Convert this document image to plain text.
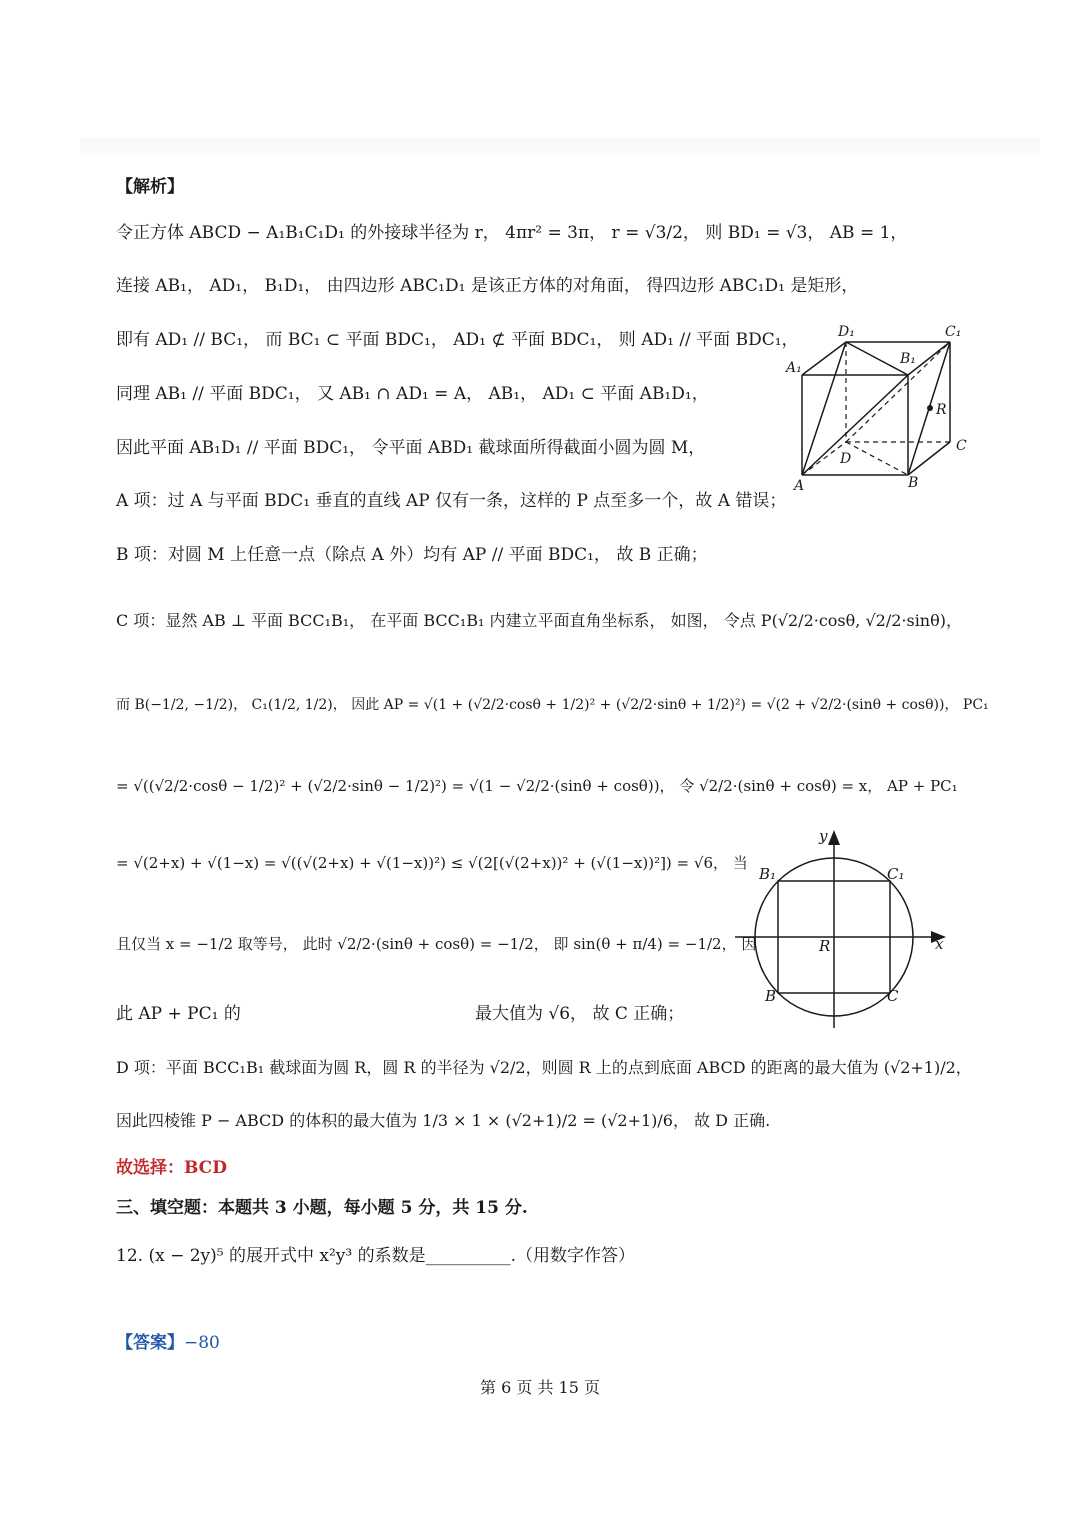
【解析】
令正方体 ABCD − A₁B₁C₁D₁ 的外接球半径为 r， 4πr² = 3π， r = √3/2， 则 BD₁ = √3， AB = 1，
连接 AB₁， AD₁， B₁D₁， 由四边形 ABC₁D₁ 是该正方体的对角面， 得四边形 ABC₁D₁ 是矩形，
即有 AD₁ // BC₁， 而 BC₁ ⊂ 平面 BDC₁， AD₁ ⊄ 平面 BDC₁， 则 AD₁ // 平面 BDC₁，
同理 AB₁ // 平面 BDC₁， 又 AB₁ ∩ AD₁ = A， AB₁， AD₁ ⊂ 平面 AB₁D₁，
因此平面 AB₁D₁ // 平面 BDC₁， 令平面 ABD₁ 截球面所得截面小圆为圆 M，
A 项：过 A 与平面 BDC₁ 垂直的直线 AP 仅有一条，这样的 P 点至多一个，故 A 错误；
B 项：对圆 M 上任意一点（除点 A 外）均有 AP // 平面 BDC₁， 故 B 正确；
C 项：显然 AB ⊥ 平面 BCC₁B₁， 在平面 BCC₁B₁ 内建立平面直角坐标系， 如图， 令点 P(√2/2·cosθ, √2/2·sinθ)，
而 B(−1/2, −1/2)， C₁(1/2, 1/2)， 因此 AP = √(1 + (√2/2·cosθ + 1/2)² + (√2/2·sinθ + 1/2)²) = √(2 + √2/2·(sinθ + cosθ))， PC₁
= √((√2/2·cosθ − 1/2)² + (√2/2·sinθ − 1/2)²) = √(1 − √2/2·(sinθ + cosθ))， 令 √2/2·(sinθ + cosθ) = x， AP + PC₁
= √(2+x) + √(1−x) = √((√(2+x) + √(1−x))²) ≤ √(2[(√(2+x))² + (√(1−x))²]) = √6， 当
且仅当 x = −1/2 取等号， 此时 √2/2·(sinθ + cosθ) = −1/2， 即 sin(θ + π/4) = −1/2， 因
此 AP + PC₁ 的	最大值为 √6， 故 C 正确；
D 项：平面 BCC₁B₁ 截球面为圆 R，圆 R 的半径为 √2/2，则圆 R 上的点到底面 ABCD 的距离的最大值为 (√2+1)/2，
因此四棱锥 P − ABCD 的体积的最大值为 1/3 × 1 × (√2+1)/2 = (√2+1)/6， 故 D 正确.
故选择：BCD
三、填空题：本题共 3 小题，每小题 5 分，共 15 分.
12. (x − 2y)⁵ 的展开式中 x²y³ 的系数是__________.（用数字作答）
【答案】−80
第 6 页 共 15 页
D₁	C₁
A₁
B₁
R
D
C
A	B
y
x
B₁	C₁
R
B	C
